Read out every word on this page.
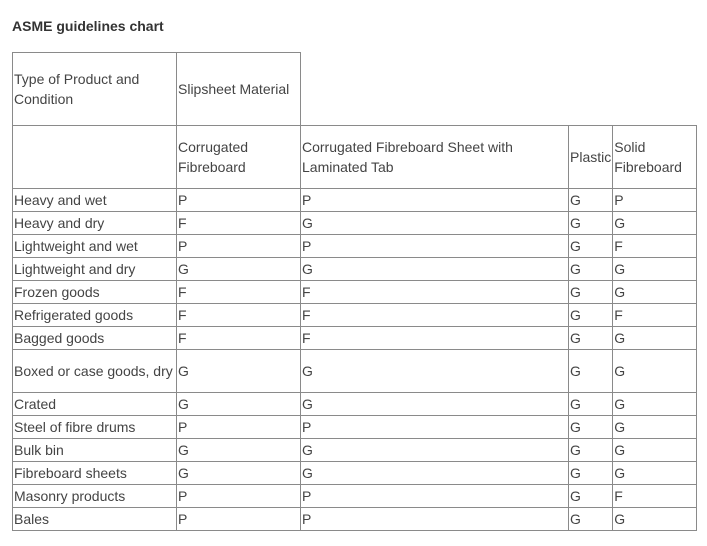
ASME guidelines chart
Type of Product and Condition	Slipsheet Material			
	Corrugated Fibreboard	Corrugated Fibreboard Sheet with Laminated Tab	Plastic	Solid Fibreboard
Heavy and wet	P	P	G	P
Heavy and dry	F	G	G	G
Lightweight and wet	P	P	G	F
Lightweight and dry	G	G	G	G
Frozen goods	F	F	G	G
Refrigerated goods	F	F	G	F
Bagged goods	F	F	G	G
Boxed or case goods, dry	G	G	G	G
Crated	G	G	G	G
Steel of fibre drums	P	P	G	G
Bulk bin	G	G	G	G
Fibreboard sheets	G	G	G	G
Masonry products	P	P	G	F
Bales	P	P	G	G
